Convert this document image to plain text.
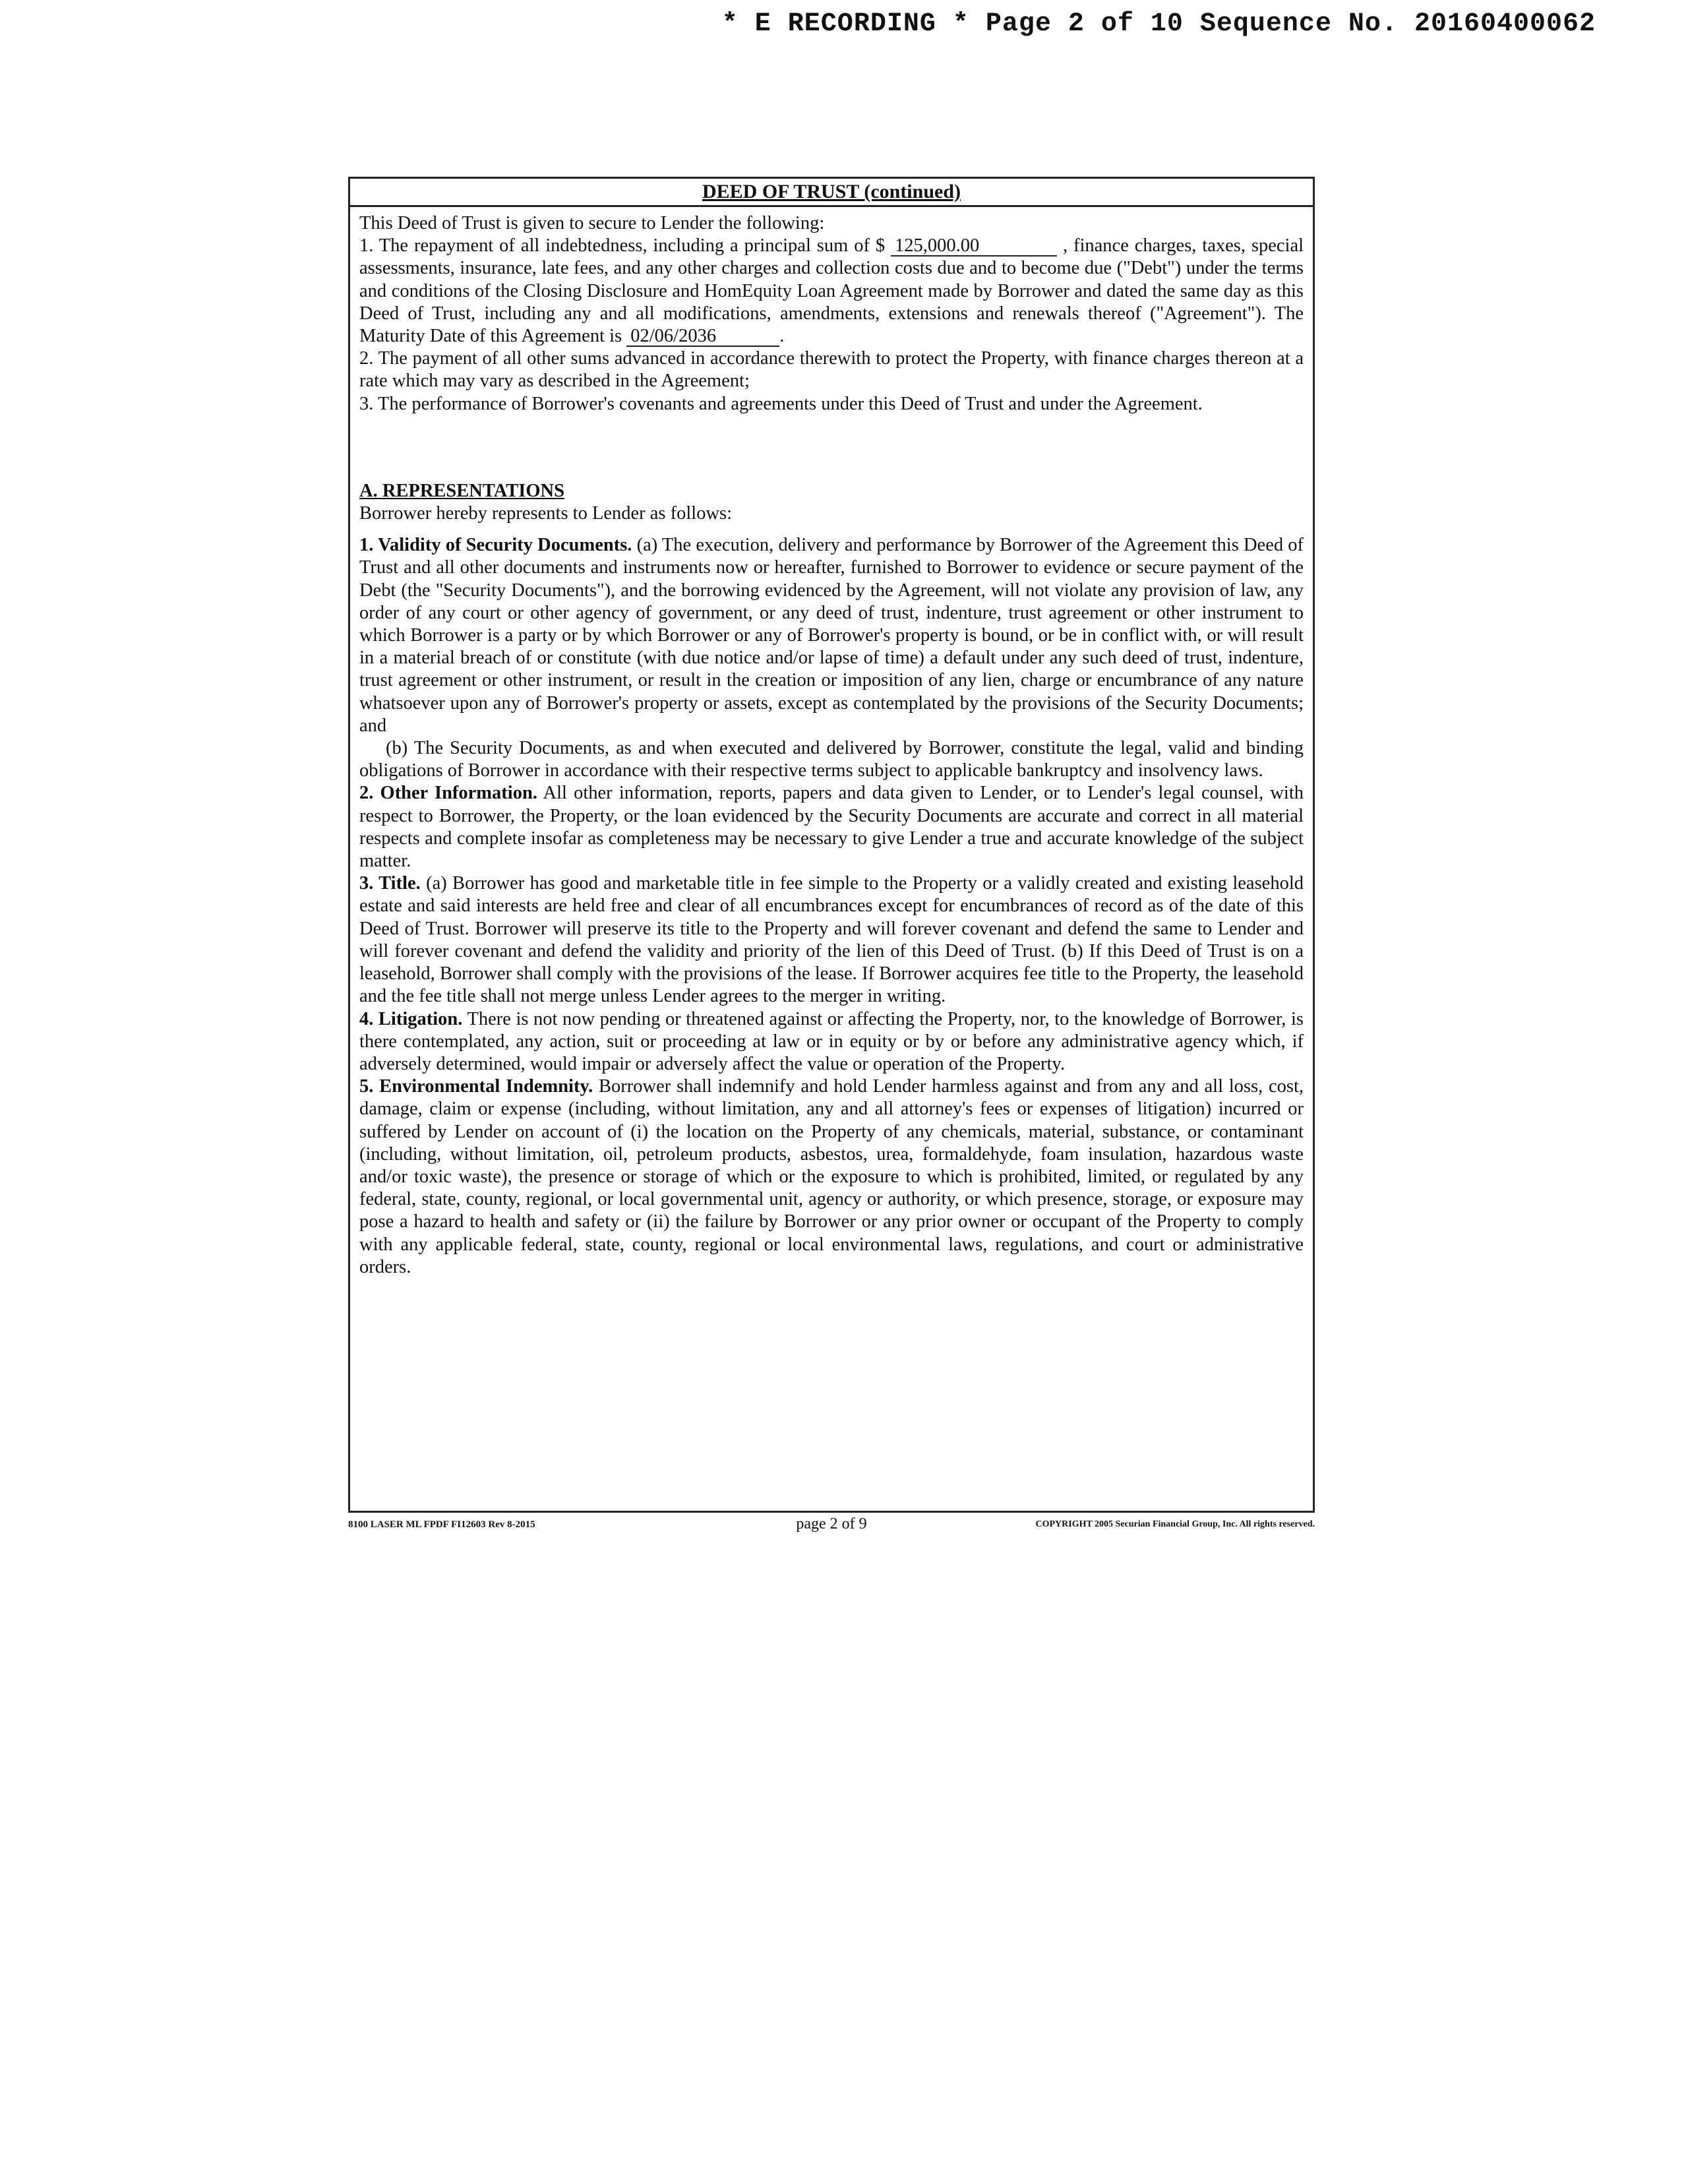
* E RECORDING * Page 2 of 10 Sequence No. 20160400062
DEED OF TRUST (continued)

This Deed of Trust is given to secure to Lender the following:

1. The repayment of all indebtedness, including a principal sum of $ 125,000.00	, finance charges, taxes, special assessments, insurance, late fees, and any other charges and collection costs due and to become due ("Debt") under the terms and conditions of the Closing Disclosure and HomEquity Loan Agreement made by Borrower and dated the same day as this Deed of Trust, including any and all modifications, amendments, extensions and renewals thereof ("Agreement"). The Maturity Date of this Agreement is 02/06/2036	.

2. The payment of all other sums advanced in accordance therewith to protect the Property, with finance charges thereon at a rate which may vary as described in the Agreement;

3. The performance of Borrower's covenants and agreements under this Deed of Trust and under the Agreement.

A. REPRESENTATIONS

Borrower hereby represents to Lender as follows:

1. Validity of Security Documents. (a) The execution, delivery and performance by Borrower of the Agreement this Deed of Trust and all other documents and instruments now or hereafter, furnished to Borrower to evidence or secure payment of the Debt (the "Security Documents"), and the borrowing evidenced by the Agreement, will not violate any provision of law, any order of any court or other agency of government, or any deed of trust, indenture, trust agreement or other instrument to which Borrower is a party or by which Borrower or any of Borrower's property is bound, or be in conflict with, or will result in a material breach of or constitute (with due notice and/or lapse of time) a default under any such deed of trust, indenture, trust agreement or other instrument, or result in the creation or imposition of any lien, charge or encumbrance of any nature whatsoever upon any of Borrower's property or assets, except as contemplated by the provisions of the Security Documents; and

(b) The Security Documents, as and when executed and delivered by Borrower, constitute the legal, valid and binding obligations of Borrower in accordance with their respective terms subject to applicable bankruptcy and insolvency laws.

2. Other Information. All other information, reports, papers and data given to Lender, or to Lender's legal counsel, with respect to Borrower, the Property, or the loan evidenced by the Security Documents are accurate and correct in all material respects and complete insofar as completeness may be necessary to give Lender a true and accurate knowledge of the subject matter.

3. Title. (a) Borrower has good and marketable title in fee simple to the Property or a validly created and existing leasehold estate and said interests are held free and clear of all encumbrances except for encumbrances of record as of the date of this Deed of Trust. Borrower will preserve its title to the Property and will forever covenant and defend the same to Lender and will forever covenant and defend the validity and priority of the lien of this Deed of Trust. (b) If this Deed of Trust is on a leasehold, Borrower shall comply with the provisions of the lease. If Borrower acquires fee title to the Property, the leasehold and the fee title shall not merge unless Lender agrees to the merger in writing.

4. Litigation. There is not now pending or threatened against or affecting the Property, nor, to the knowledge of Borrower, is there contemplated, any action, suit or proceeding at law or in equity or by or before any administrative agency which, if adversely determined, would impair or adversely affect the value or operation of the Property.

5. Environmental Indemnity. Borrower shall indemnify and hold Lender harmless against and from any and all loss, cost, damage, claim or expense (including, without limitation, any and all attorney's fees or expenses of litigation) incurred or suffered by Lender on account of (i) the location on the Property of any chemicals, material, substance, or contaminant (including, without limitation, oil, petroleum products, asbestos, urea, formaldehyde, foam insulation, hazardous waste and/or toxic waste), the presence or storage of which or the exposure to which is prohibited, limited, or regulated by any federal, state, county, regional, or local governmental unit, agency or authority, or which presence, storage, or exposure may pose a hazard to health and safety or (ii) the failure by Borrower or any prior owner or occupant of the Property to comply with any applicable federal, state, county, regional or local environmental laws, regulations, and court or administrative orders.

8100 LASER ML FPDF FI12603 Rev 8-2015	page 2 of 9	COPYRIGHT 2005 Securian Financial Group, Inc. All rights reserved.
